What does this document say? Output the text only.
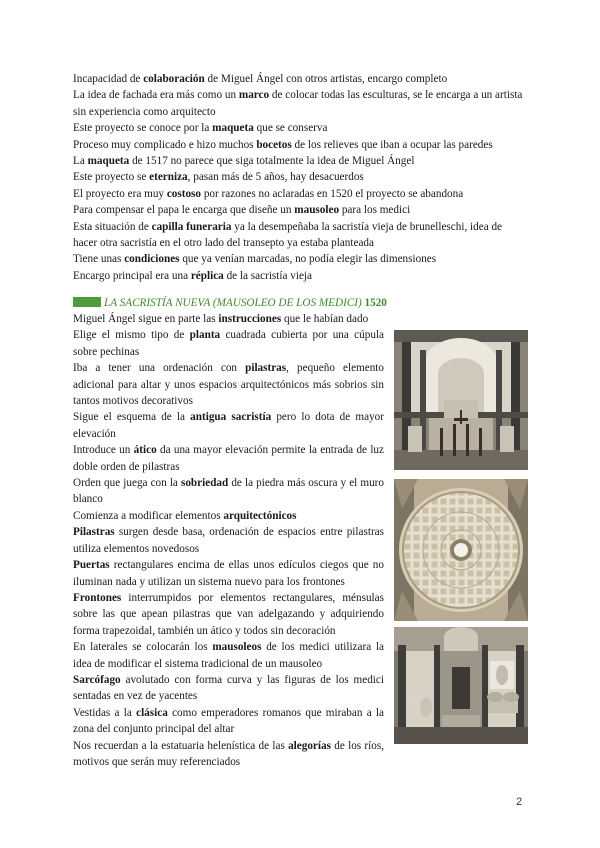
Incapacidad de colaboración de Miguel Ángel con otros artistas, encargo completo

La idea de fachada era más como un marco de colocar todas las esculturas, se le encarga a un artista sin experiencia como arquitecto

Este proyecto se conoce por la maqueta que se conserva

Proceso muy complicado e hizo muchos bocetos de los relieves que iban a ocupar las paredes

La maqueta de 1517 no parece que siga totalmente la idea de Miguel Ángel

Este proyecto se eterniza, pasan más de 5 años, hay desacuerdos

El proyecto era muy costoso por razones no aclaradas en 1520 el proyecto se abandona

Para compensar el papa le encarga que diseñe un mausoleo para los medici

Esta situación de capilla funeraria ya la desempeñaba la sacristía vieja de brunelleschi, idea de hacer otra sacristía en el otro lado del transepto ya estaba planteada

Tiene unas condiciones que ya venían marcadas, no podía elegir las dimensiones

Encargo principal era una réplica de la sacristía vieja

LA SACRISTÍA NUEVA (MAUSOLEO DE LOS MEDICI) 1520

Miguel Ángel sigue en parte las instrucciones que le habían dado

Elige el mismo tipo de planta cuadrada cubierta por una cúpula sobre pechinas

Iba a tener una ordenación con pilastras, pequeño elemento adicional para altar y unos espacios arquitectónicos más sobrios sin tantos motivos decorativos

Sigue el esquema de la antigua sacristía pero lo dota de mayor elevación

Introduce un ático da una mayor elevación permite la entrada de luz doble orden de pilastras

Orden que juega con la sobriedad de la piedra más oscura y el muro blanco

Comienza a modificar elementos arquitectónicos

Pilastras surgen desde basa, ordenación de espacios entre pilastras utiliza elementos novedosos

Puertas rectangulares encima de ellas unos edículos ciegos que no iluminan nada y utilizan un sistema nuevo para los frontones

Frontones interrumpidos por elementos rectangulares, ménsulas sobre las que apean pilastras que van adelgazando y adquiriendo forma trapezoidal, también un ático y todos sin decoración

En laterales se colocarán los mausoleos de los medici utilizara la idea de modificar el sistema tradicional de un mausoleo

Sarcófago avolutado con forma curva y las figuras de los medici sentadas en vez de yacentes

Vestidas a la clásica como emperadores romanos que miraban a la zona del conjunto principal del altar

Nos recuerdan a la estatuaria helenística de las alegorías de los ríos, motivos que serán muy referenciados

2
